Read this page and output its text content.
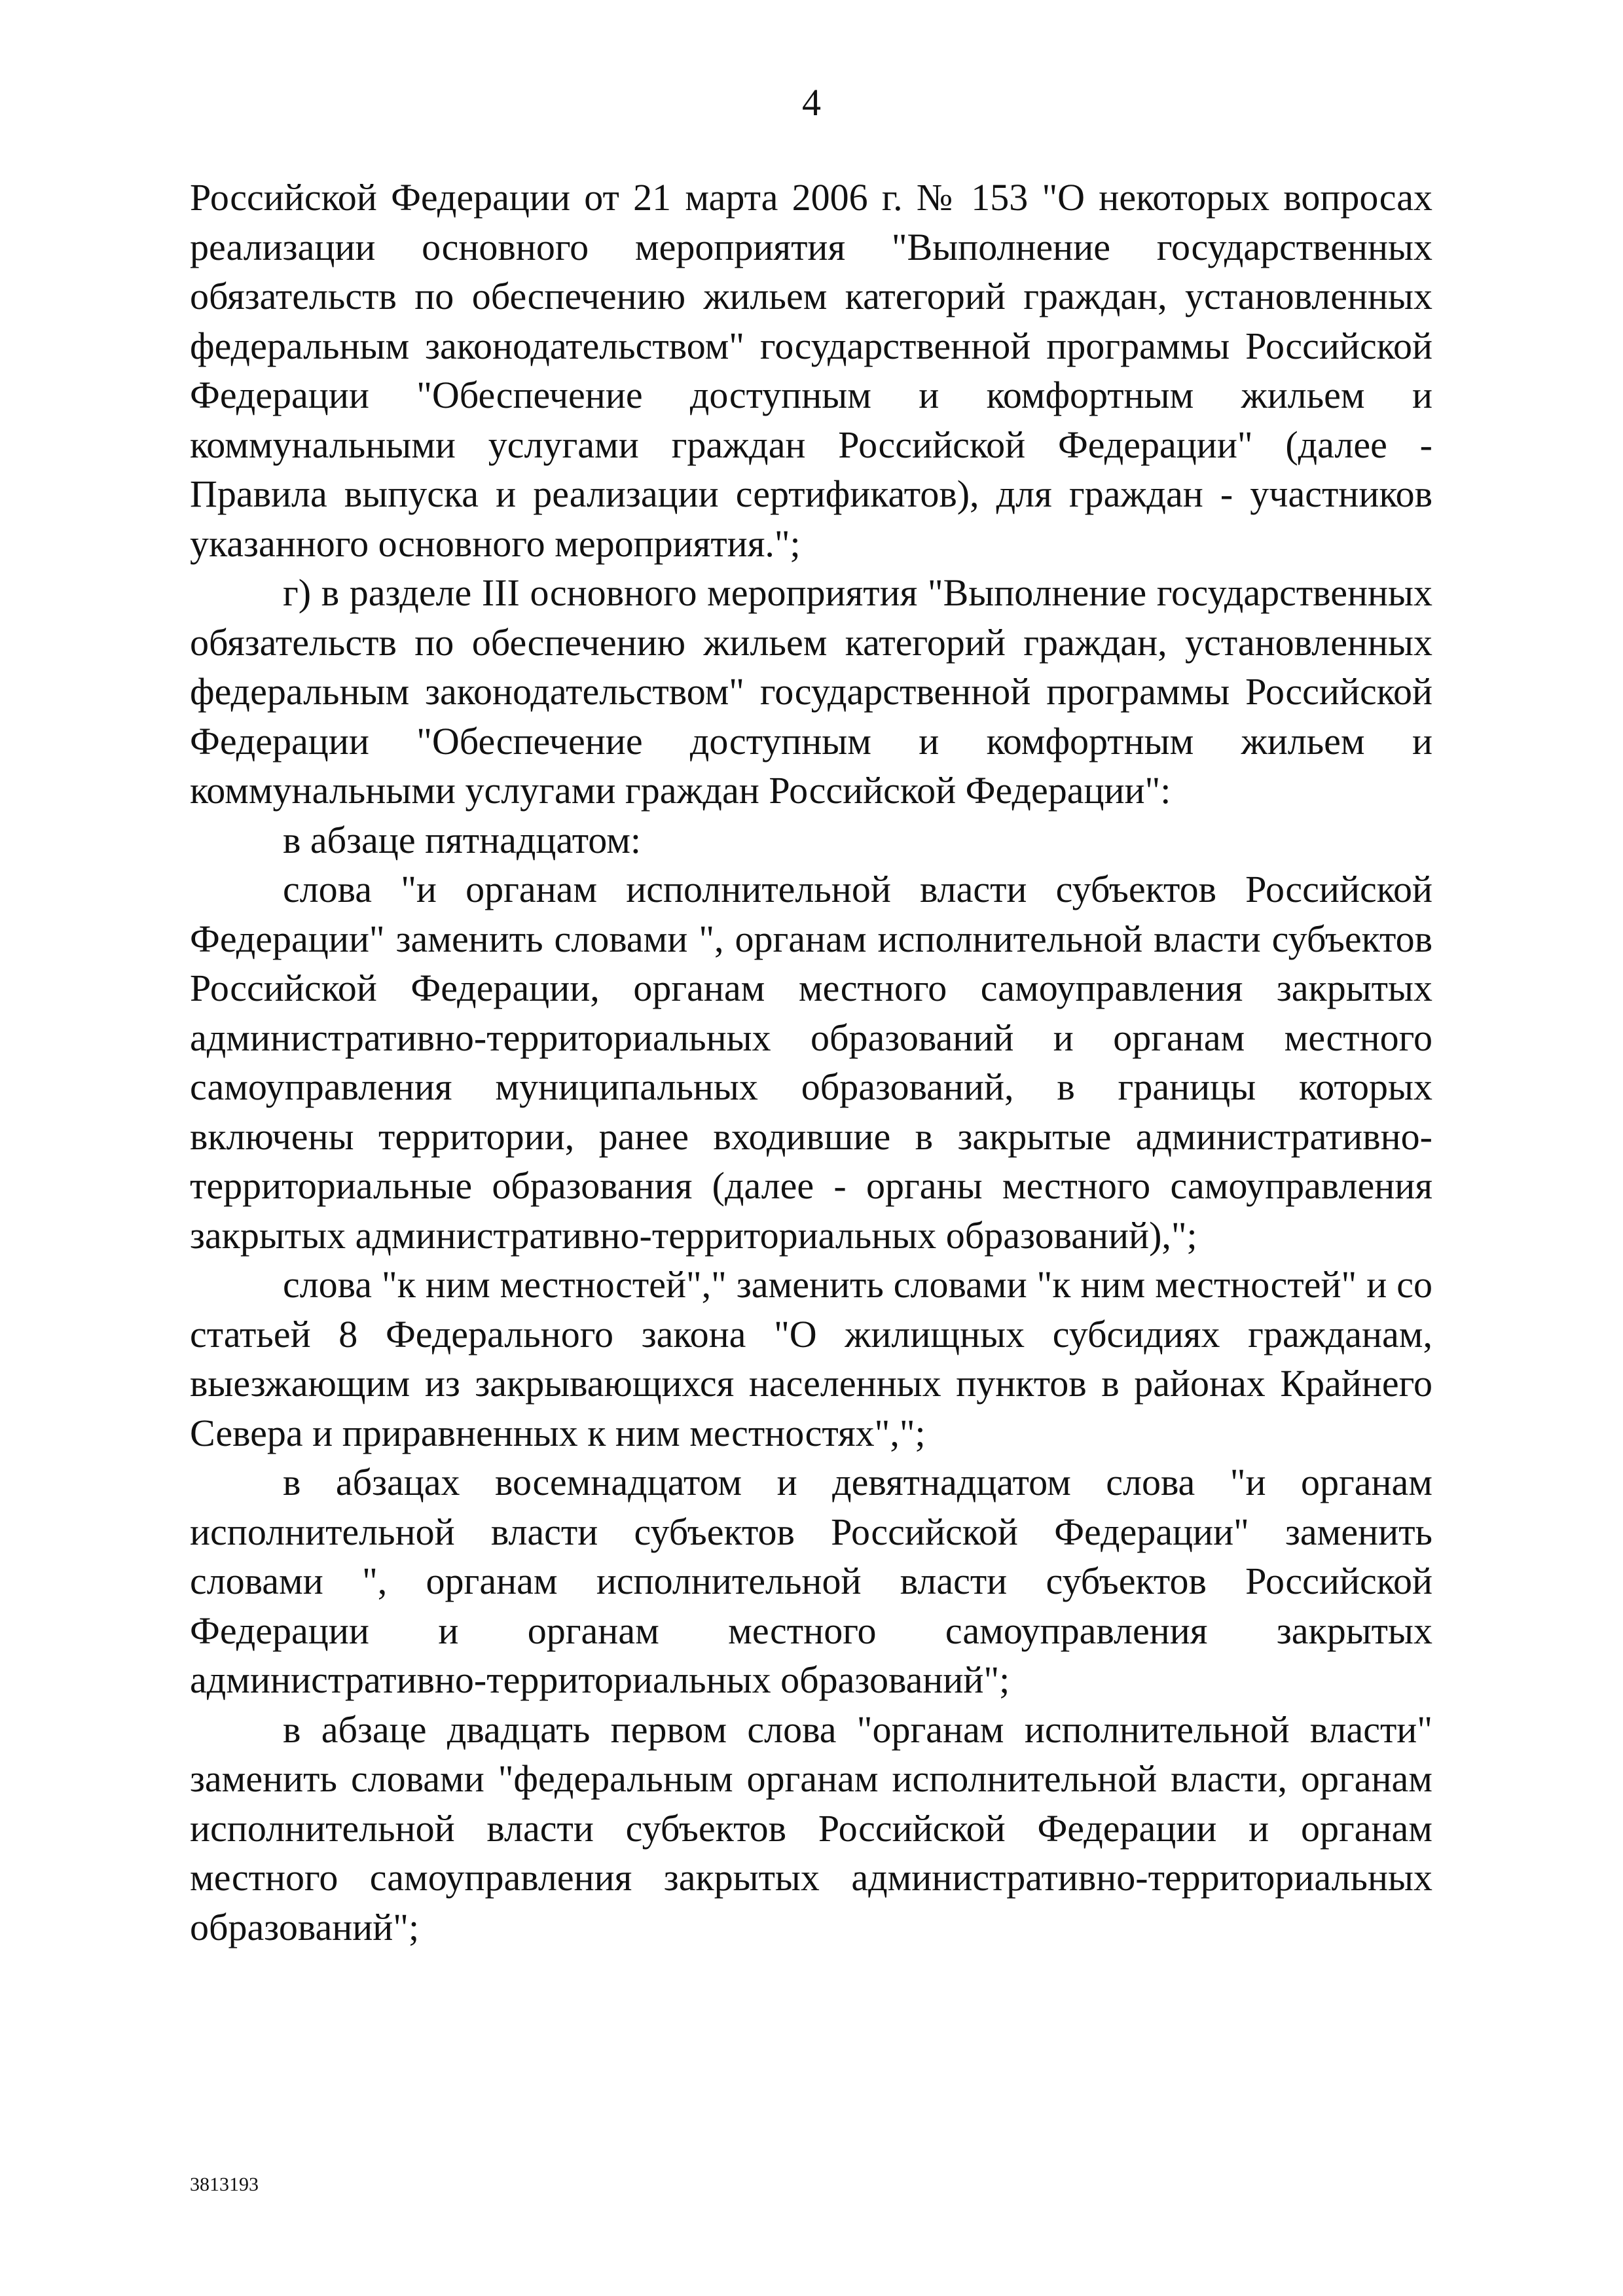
4

Российской Федерации от 21 марта 2006 г. № 153 "О некоторых вопросах реализации основного мероприятия "Выполнение государственных обязательств по обеспечению жильем категорий граждан, установленных федеральным законодательством" государственной программы Российской Федерации "Обеспечение доступным и комфортным жильем и коммунальными услугами граждан Российской Федерации" (далее - Правила выпуска и реализации сертификатов), для граждан - участников указанного основного мероприятия.";

г) в разделе III основного мероприятия "Выполнение государственных обязательств по обеспечению жильем категорий граждан, установленных федеральным законодательством" государственной программы Российской Федерации "Обеспечение доступным и комфортным жильем и коммунальными услугами граждан Российской Федерации":

в абзаце пятнадцатом:

слова "и органам исполнительной власти субъектов Российской Федерации" заменить словами ", органам исполнительной власти субъектов Российской Федерации, органам местного самоуправления закрытых административно-территориальных образований и органам местного самоуправления муниципальных образований, в границы которых включены территории, ранее входившие в закрытые административно-территориальные образования (далее - органы местного самоуправления закрытых административно-территориальных образований),";

слова "к ним местностей"," заменить словами "к ним местностей" и со статьей 8 Федерального закона "О жилищных субсидиях гражданам, выезжающим из закрывающихся населенных пунктов в районах Крайнего Севера и приравненных к ним местностях",";

в абзацах восемнадцатом и девятнадцатом слова "и органам исполнительной власти субъектов Российской Федерации" заменить словами ", органам исполнительной власти субъектов Российской Федерации и органам местного самоуправления закрытых административно-территориальных образований";

в абзаце двадцать первом слова "органам исполнительной власти" заменить словами "федеральным органам исполнительной власти, органам исполнительной власти субъектов Российской Федерации и органам местного самоуправления закрытых административно-территориальных образований";

3813193
